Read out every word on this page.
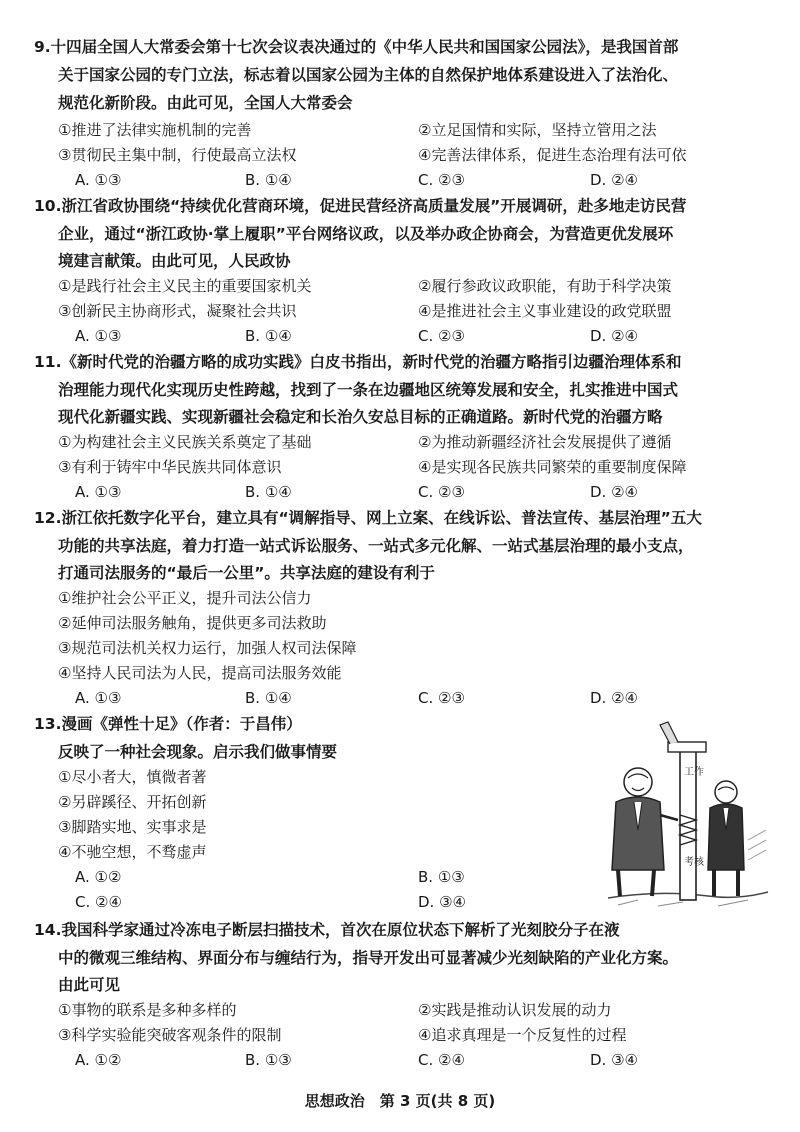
9.十四届全国人大常委会第十七次会议表决通过的《中华人民共和国国家公园法》，是我国首部
关于国家公园的专门立法，标志着以国家公园为主体的自然保护地体系建设进入了法治化、
规范化新阶段。由此可见，全国人大常委会
①推进了法律实施机制的完善	②立足国情和实际，坚持立管用之法
③贯彻民主集中制，行使最高立法权	④完善法律体系，促进生态治理有法可依
A. ①③	B. ①④	C. ②③	D. ②④
10.浙江省政协围绕“持续优化营商环境，促进民营经济高质量发展”开展调研，赴多地走访民营
企业，通过“浙江政协·掌上履职”平台网络议政，以及举办政企协商会，为营造更优发展环
境建言献策。由此可见，人民政协
①是践行社会主义民主的重要国家机关	②履行参政议政职能，有助于科学决策
③创新民主协商形式，凝聚社会共识	④是推进社会主义事业建设的政党联盟
A. ①③	B. ①④	C. ②③	D. ②④
11.《新时代党的治疆方略的成功实践》白皮书指出，新时代党的治疆方略指引边疆治理体系和
治理能力现代化实现历史性跨越，找到了一条在边疆地区统筹发展和安全，扎实推进中国式
现代化新疆实践、实现新疆社会稳定和长治久安总目标的正确道路。新时代党的治疆方略
①为构建社会主义民族关系奠定了基础	②为推动新疆经济社会发展提供了遵循
③有利于铸牢中华民族共同体意识	④是实现各民族共同繁荣的重要制度保障
A. ①③	B. ①④	C. ②③	D. ②④
12.浙江依托数字化平台，建立具有“调解指导、网上立案、在线诉讼、普法宣传、基层治理”五大
功能的共享法庭，着力打造一站式诉讼服务、一站式多元化解、一站式基层治理的最小支点，
打通司法服务的“最后一公里”。共享法庭的建设有利于
①维护社会公平正义，提升司法公信力
②延伸司法服务触角，提供更多司法救助
③规范司法机关权力运行，加强人权司法保障
④坚持人民司法为人民，提高司法服务效能
A. ①③	B. ①④	C. ②③	D. ②④
13.漫画《弹性十足》（作者：于昌伟）
反映了一种社会现象。启示我们做事情要
①尽小者大，慎微者著
②另辟蹊径、开拓创新
③脚踏实地、实事求是
④不驰空想，不骛虚声
A. ①②	B. ①③
C. ②④	D. ③④
工作
考核
14.我国科学家通过冷冻电子断层扫描技术，首次在原位状态下解析了光刻胶分子在液
中的微观三维结构、界面分布与缠结行为，指导开发出可显著减少光刻缺陷的产业化方案。
由此可见
①事物的联系是多种多样的	②实践是推动认识发展的动力
③科学实验能突破客观条件的限制	④追求真理是一个反复性的过程
A. ①②	B. ①③	C. ②④	D. ③④
思想政治　第 3 页(共 8 页)
